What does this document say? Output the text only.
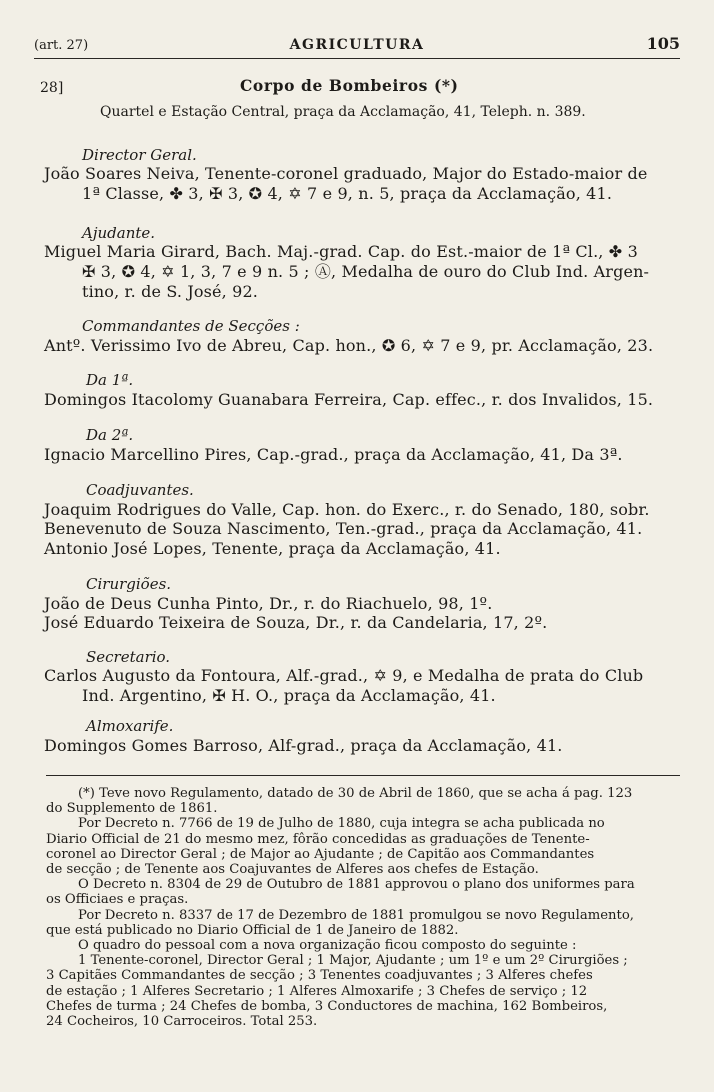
(art. 27)	AGRICULTURA	105
28]	Corpo de Bombeiros (*)
Quartel e Estação Central, praça da Acclamação, 41, Teleph. n. 389.
Director Geral.
João Soares Neiva, Tenente-coronel graduado, Major do Estado-maior de
1ª Classe, ✤ 3, ✠ 3, ✪ 4, ✡ 7 e 9, n. 5, praça da Acclamação, 41.
Ajudante.
Miguel Maria Girard, Bach. Maj.-grad. Cap. do Est.-maior de 1ª Cl., ✤ 3
✠ 3, ✪ 4, ✡ 1, 3, 7 e 9 n. 5 ; Ⓐ, Medalha de ouro do Club Ind. Argen-
tino, r. de S. José, 92.
Commandantes de Secções :
Antº. Verissimo Ivo de Abreu, Cap. hon., ✪ 6, ✡ 7 e 9, pr. Acclamação, 23.
Da 1ª.
Domingos Itacolomy Guanabara Ferreira, Cap. effec., r. dos Invalidos, 15.
Da 2ª.
Ignacio Marcellino Pires, Cap.-grad., praça da Acclamação, 41, Da 3ª.
Coadjuvantes.
Joaquim Rodrigues do Valle, Cap. hon. do Exerc., r. do Senado, 180, sobr.
Benevenuto de Souza Nascimento, Ten.-grad., praça da Acclamação, 41.
Antonio José Lopes, Tenente, praça da Acclamação, 41.
Cirurgiões.
João de Deus Cunha Pinto, Dr., r. do Riachuelo, 98, 1º.
José Eduardo Teixeira de Souza, Dr., r. da Candelaria, 17, 2º.
Secretario.
Carlos Augusto da Fontoura, Alf.-grad., ✡ 9, e Medalha de prata do Club
Ind. Argentino, ✠ H. O., praça da Acclamação, 41.
Almoxarife.
Domingos Gomes Barroso, Alf-grad., praça da Acclamação, 41.
(*) Teve novo Regulamento, datado de 30 de Abril de 1860, que se acha á pag. 123
do Supplemento de 1861.
Por Decreto n. 7766 de 19 de Julho de 1880, cuja integra se acha publicada no
Diario Official de 21 do mesmo mez, fôrão concedidas as graduações de Tenente-
coronel ao Director Geral ; de Major ao Ajudante ; de Capitão aos Commandantes
de secção ; de Tenente aos Coajuvantes de Alferes aos chefes de Estação.
O Decreto n. 8304 de 29 de Outubro de 1881 approvou o plano dos uniformes para
os Officiaes e praças.
Por Decreto n. 8337 de 17 de Dezembro de 1881 promulgou se novo Regulamento,
que está publicado no Diario Official de 1 de Janeiro de 1882.
O quadro do pessoal com a nova organização ficou composto do seguinte :
1 Tenente-coronel, Director Geral ; 1 Major, Ajudante ; um 1º e um 2º Cirurgiões ;
3 Capitães Commandantes de secção ; 3 Tenentes coadjuvantes ; 3 Alferes chefes
de estação ; 1 Alferes Secretario ; 1 Alferes Almoxarife ; 3 Chefes de serviço ; 12
Chefes de turma ; 24 Chefes de bomba, 3 Conductores de machina, 162 Bombeiros,
24 Cocheiros, 10 Carroceiros. Total 253.
